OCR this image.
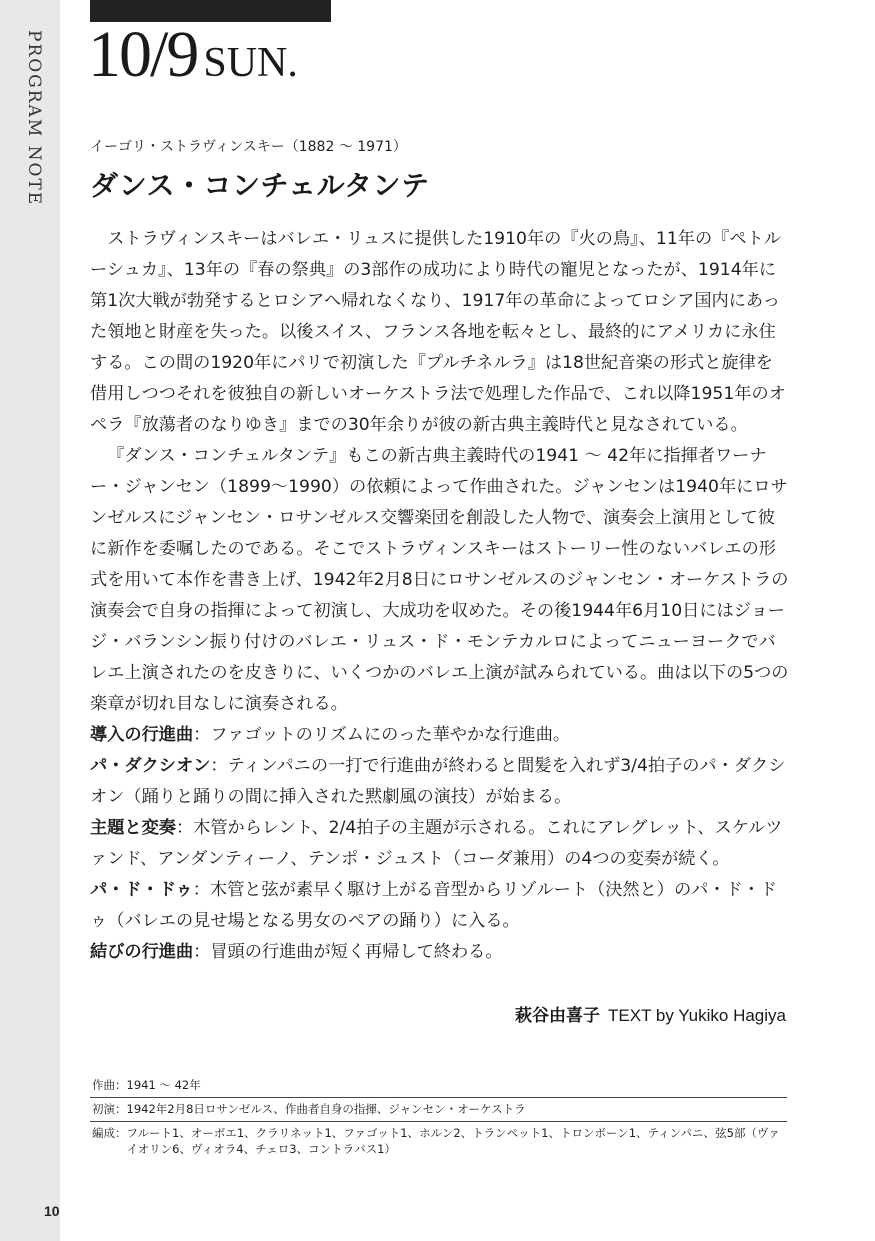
PROGRAM NOTE
10
10/9 SUN.
イーゴリ・ストラヴィンスキー（1882 ～ 1971）
ダンス・コンチェルタンテ

ストラヴィンスキーはバレエ・リュスに提供した1910年の『火の鳥』、11年の『ペトルーシュカ』、13年の『春の祭典』の3部作の成功により時代の寵児となったが、1914年に第1次大戦が勃発するとロシアへ帰れなくなり、1917年の革命によってロシア国内にあった領地と財産を失った。以後スイス、フランス各地を転々とし、最終的にアメリカに永住する。この間の1920年にパリで初演した『プルチネルラ』は18世紀音楽の形式と旋律を借用しつつそれを彼独自の新しいオーケストラ法で処理した作品で、これ以降1951年のオペラ『放蕩者のなりゆき』までの30年余りが彼の新古典主義時代と見なされている。

『ダンス・コンチェルタンテ』もこの新古典主義時代の1941 ～ 42年に指揮者ワーナー・ジャンセン（1899～1990）の依頼によって作曲された。ジャンセンは1940年にロサンゼルスにジャンセン・ロサンゼルス交響楽団を創設した人物で、演奏会上演用として彼に新作を委嘱したのである。そこでストラヴィンスキーはストーリー性のないバレエの形式を用いて本作を書き上げ、1942年2月8日にロサンゼルスのジャンセン・オーケストラの演奏会で自身の指揮によって初演し、大成功を収めた。その後1944年6月10日にはジョージ・バランシン振り付けのバレエ・リュス・ド・モンテカルロによってニューヨークでバレエ上演されたのを皮きりに、いくつかのバレエ上演が試みられている。曲は以下の5つの楽章が切れ目なしに演奏される。

導入の行進曲：ファゴットのリズムにのった華やかな行進曲。
パ・ダクシオン：ティンパニの一打で行進曲が終わると間髪を入れず3/4拍子のパ・ダクシオン（踊りと踊りの間に挿入された黙劇風の演技）が始まる。
主題と変奏：木管からレント、2/4拍子の主題が示される。これにアレグレット、スケルツァンド、アンダンティーノ、テンポ・ジュスト（コーダ兼用）の4つの変奏が続く。
パ・ド・ドゥ：木管と弦が素早く駆け上がる音型からリゾルート（決然と）のパ・ド・ドゥ（バレエの見せ場となる男女のペアの踊り）に入る。
結びの行進曲：冒頭の行進曲が短く再帰して終わる。
萩谷由喜子 TEXT by Yukiko Hagiya
作曲：1941 ～ 42年
初演：1942年2月8日ロサンゼルス、作曲者自身の指揮、ジャンセン・オーケストラ
編成： フルート1、オーボエ1、クラリネット1、ファゴット1、ホルン2、トランペット1、トロンボーン1、ティンパニ、弦5部（ヴァイオリン6、ヴィオラ4、チェロ3、コントラバス1）
